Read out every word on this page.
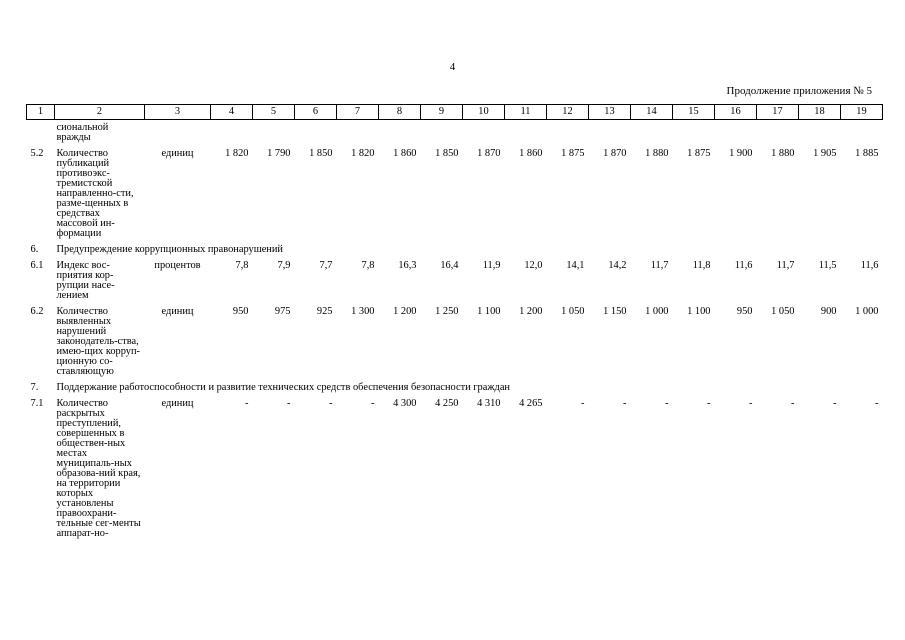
4
Продолжение приложения № 5
1	2	3	4	5	6	7	8	9	10	11	12	13	14	15	16	17	18	19
	сиональной вражды																	
5.2	Количество публикаций противоэкс-тремистской направленно-сти, разме-щенных в средствах массовой ин-формации	единиц	1 820	1 790	1 850	1 820	1 860	1 850	1 870	1 860	1 875	1 870	1 880	1 875	1 900	1 880	1 905	1 885
6.	Предупреждение коррупционных правонарушений																	
6.1	Индекс вос-приятия кор-рупции насе-лением	процентов	7,8	7,9	7,7	7,8	16,3	16,4	11,9	12,0	14,1	14,2	11,7	11,8	11,6	11,7	11,5	11,6
6.2	Количество выявленных нарушений законодатель-ства, имею-щих корруп-ционную со-ставляющую	единиц	950	975	925	1 300	1 200	1 250	1 100	1 200	1 050	1 150	1 000	1 100	950	1 050	900	1 000
7.	Поддержание работоспособности и развитие технических средств обеспечения безопасности граждан																	
7.1	Количество раскрытых преступлений, совершенных в обществен-ных местах муниципаль-ных образова-ний края, на территории которых установлены правоохрани-тельные сег-менты аппарат-но-	единиц	-	-	-	-	4 300	4 250	4 310	4 265	-	-	-	-	-	-	-	-
